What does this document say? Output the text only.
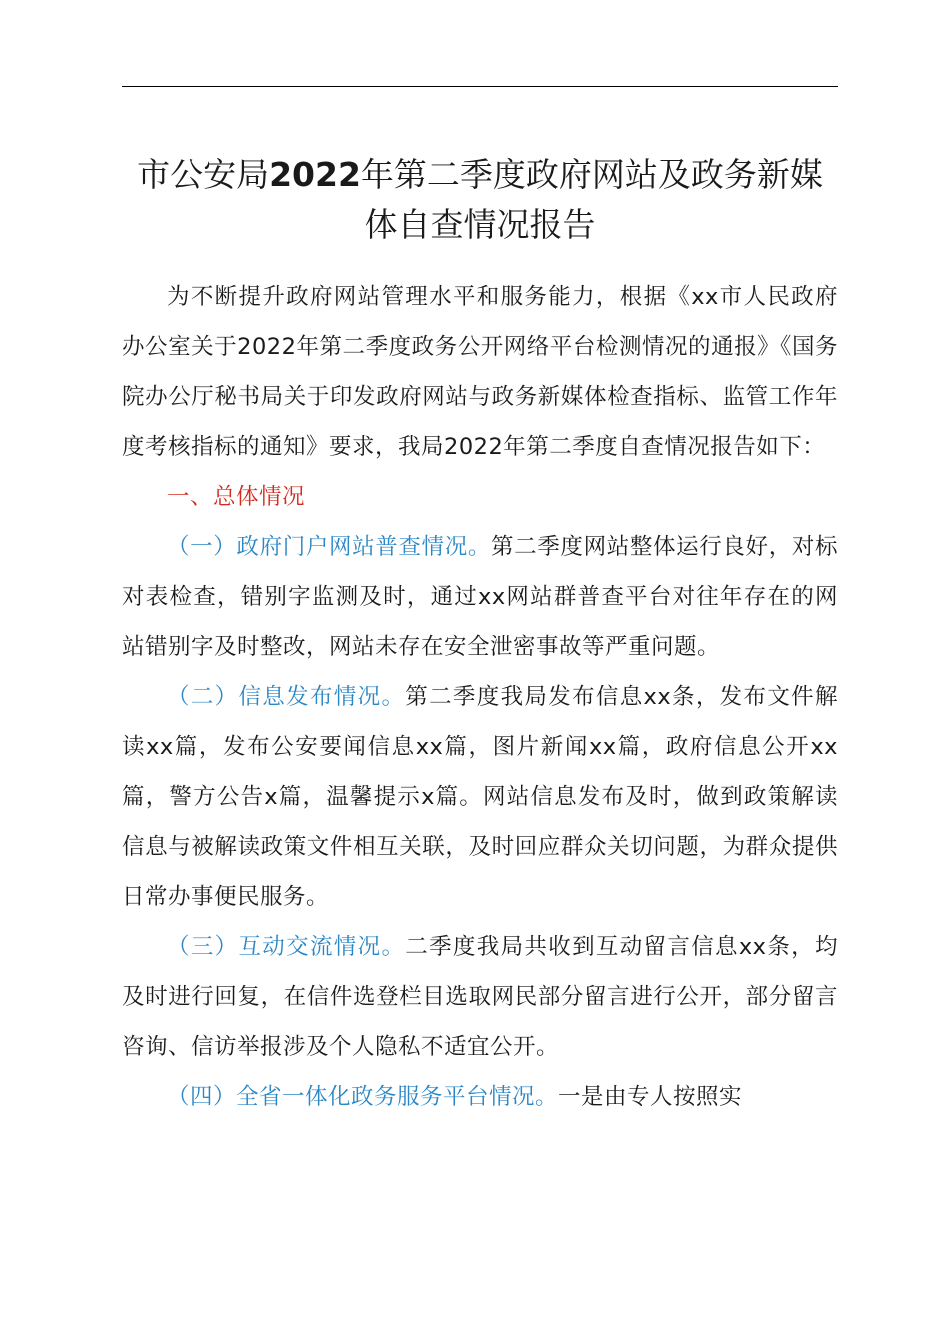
市公安局2022年第二季度政府网站及政务新媒体自查情况报告

为不断提升政府网站管理水平和服务能力，根据《xx市人民政府办公室关于2022年第二季度政务公开网络平台检测情况的通报》《国务院办公厅秘书局关于印发政府网站与政务新媒体检查指标、监管工作年度考核指标的通知》要求，我局2022年第二季度自查情况报告如下：

一、总体情况

（一）政府门户网站普查情况。第二季度网站整体运行良好，对标对表检查，错别字监测及时，通过xx网站群普查平台对往年存在的网站错别字及时整改，网站未存在安全泄密事故等严重问题。

（二）信息发布情况。第二季度我局发布信息xx条，发布文件解读xx篇，发布公安要闻信息xx篇，图片新闻xx篇，政府信息公开xx篇，警方公告x篇，温馨提示x篇。网站信息发布及时，做到政策解读信息与被解读政策文件相互关联，及时回应群众关切问题，为群众提供日常办事便民服务。

（三）互动交流情况。二季度我局共收到互动留言信息xx条，均及时进行回复，在信件选登栏目选取网民部分留言进行公开，部分留言咨询、信访举报涉及个人隐私不适宜公开。

（四）全省一体化政务服务平台情况。一是由专人按照实
